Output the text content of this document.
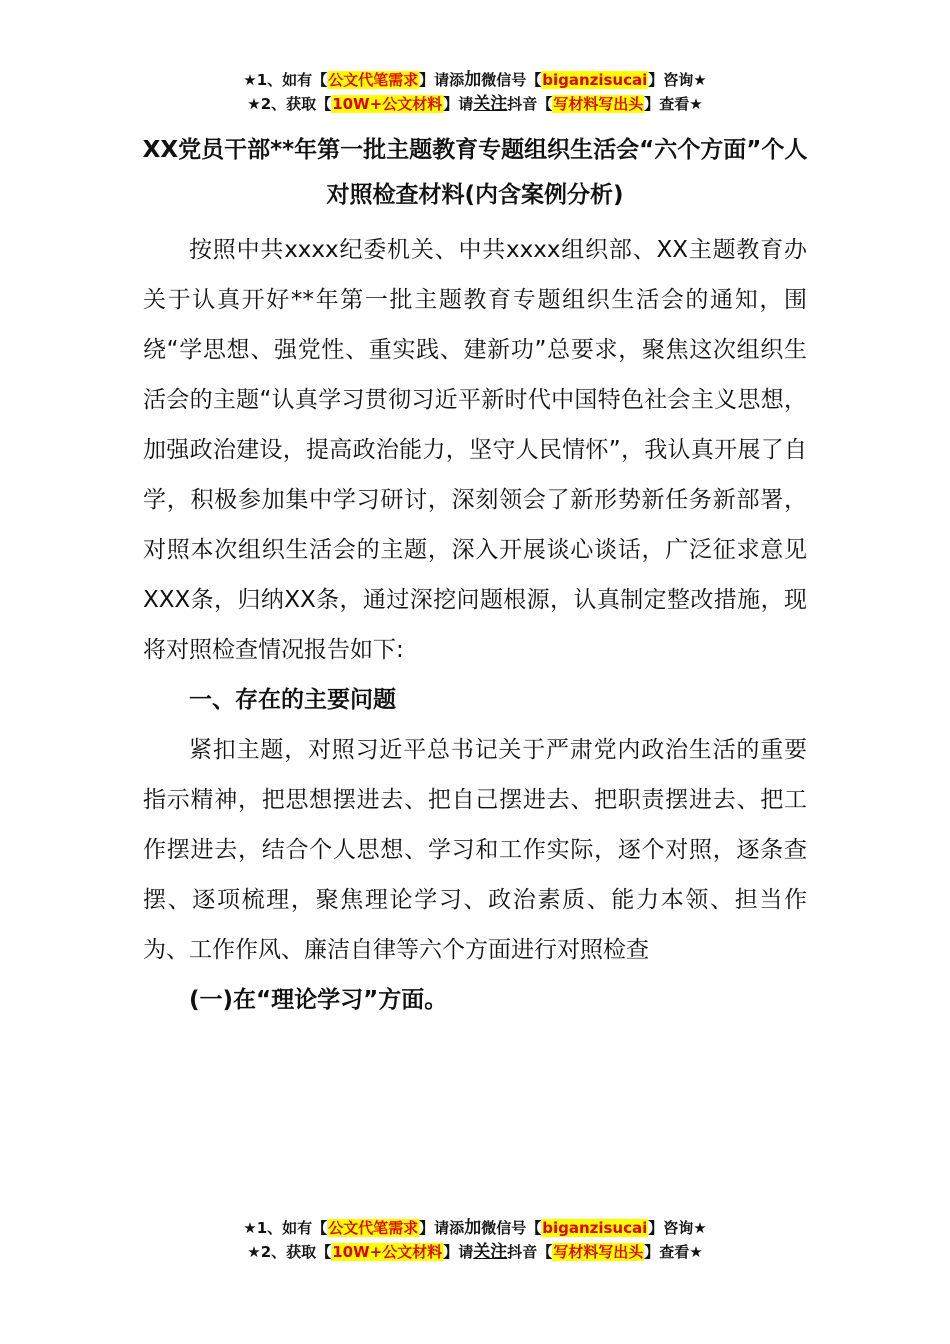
★1、如有【公文代笔需求】请添加微信号【biganzisucai】咨询★
★2、获取【10W+公文材料】请关注抖音【写材料写出头】查看★
XX党员干部**年第一批主题教育专题组织生活会“六个方面”个人对照检查材料(内含案例分析)

按照中共xxxx纪委机关、中共xxxx组织部、XX主题教育办关于认真开好**年第一批主题教育专题组织生活会的通知，围绕“学思想、强党性、重实践、建新功”总要求，聚焦这次组织生活会的主题“认真学习贯彻习近平新时代中国特色社会主义思想，加强政治建设，提高政治能力，坚守人民情怀”，我认真开展了自学，积极参加集中学习研讨，深刻领会了新形势新任务新部署，对照本次组织生活会的主题，深入开展谈心谈话，广泛征求意见XXX条，归纳XX条，通过深挖问题根源，认真制定整改措施，现将对照检查情况报告如下:

一、存在的主要问题

紧扣主题，对照习近平总书记关于严肃党内政治生活的重要指示精神，把思想摆进去、把自己摆进去、把职责摆进去、把工作摆进去，结合个人思想、学习和工作实际，逐个对照，逐条查摆、逐项梳理，聚焦理论学习、政治素质、能力本领、担当作为、工作作风、廉洁自律等六个方面进行对照检查

(一)在“理论学习”方面。

★1、如有【公文代笔需求】请添加微信号【biganzisucai】咨询★
★2、获取【10W+公文材料】请关注抖音【写材料写出头】查看★
